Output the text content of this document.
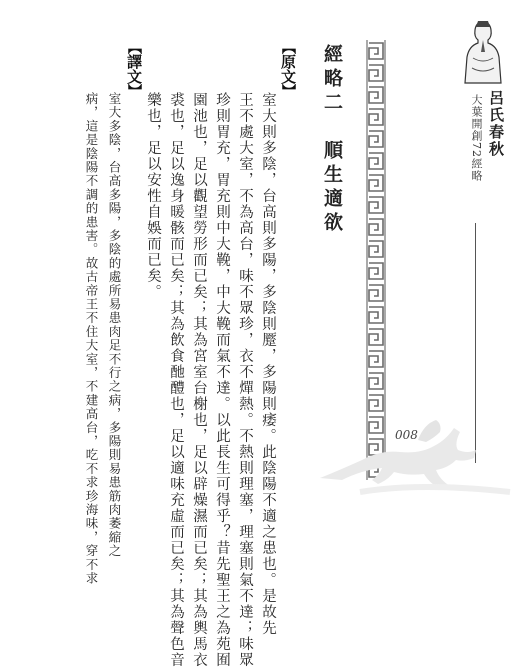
呂氏春秋
大葉開創72經略
經略二　順生適欲
【原文】
室大則多陰，台高則多陽，多陰則蹷，多陽則痿。此陰陽不適之患也。是故先
王不處大室，不為高台，味不眾珍，衣不燀熱。不熱則理塞，理塞則氣不達；味眾
珍則胃充，胃充則中大鞔，中大鞔而氣不達。以此長生可得乎？昔先聖王之為苑囿
園池也，足以觀望勞形而已矣；其為宮室台榭也，足以辟燥濕而已矣；其為輿馬衣
裘也，足以逸身暖骸而已矣；其為飲食酏醴也，足以適味充虛而已矣；其為聲色音
樂也，足以安性自娛而已矣。
【譯文】
室大多陰，台高多陽，多陰的處所易患肉足不行之病，多陽則易患筋肉萎縮之
病，這是陰陽不調的患害。故古帝王不住大室，不建高台，吃不求珍海味，穿不求	008
